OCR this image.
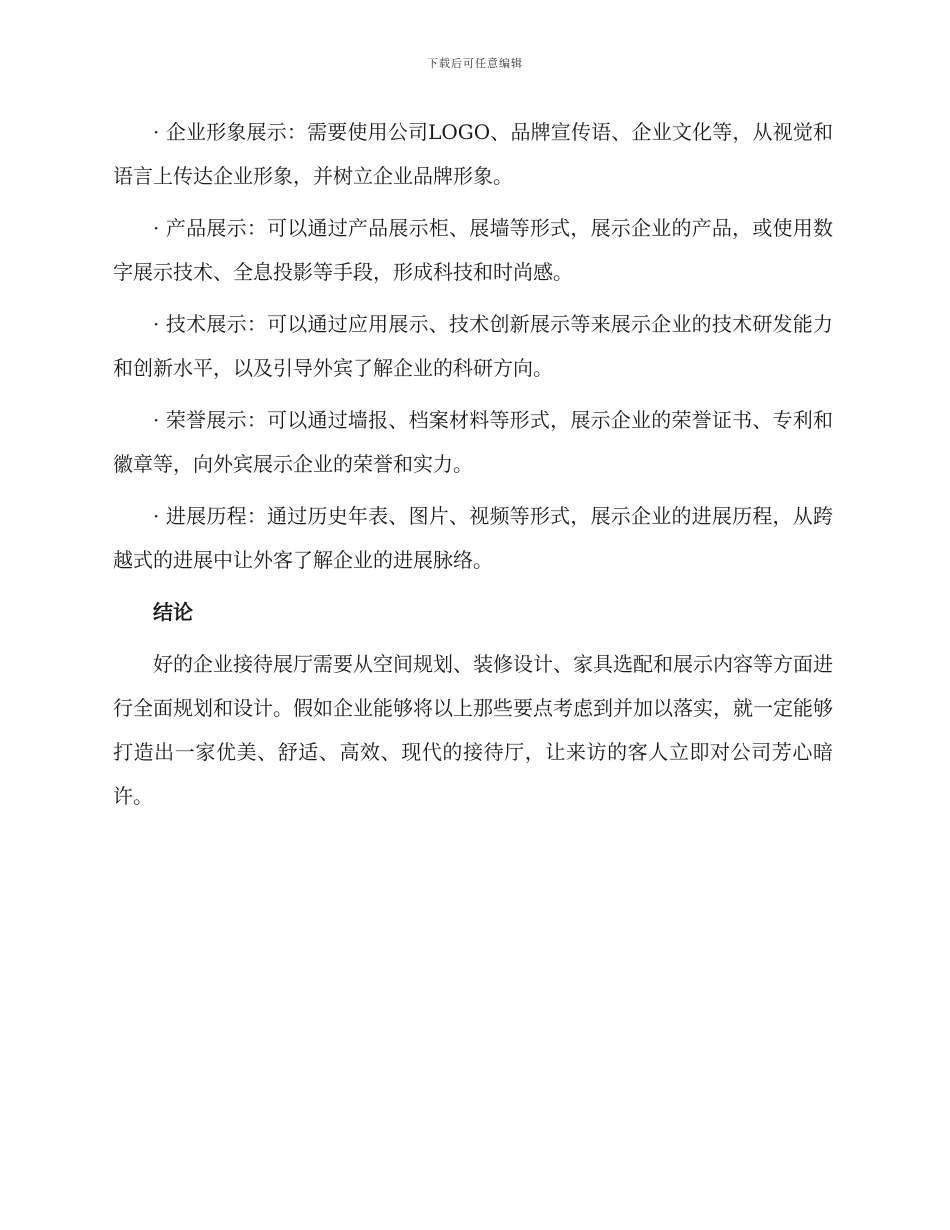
下载后可任意编辑

· 企业形象展示：需要使用公司LOGO、品牌宣传语、企业文化等，从视觉和语言上传达企业形象，并树立企业品牌形象。

· 产品展示：可以通过产品展示柜、展墙等形式，展示企业的产品，或使用数字展示技术、全息投影等手段，形成科技和时尚感。

· 技术展示：可以通过应用展示、技术创新展示等来展示企业的技术研发能力和创新水平，以及引导外宾了解企业的科研方向。

· 荣誉展示：可以通过墙报、档案材料等形式，展示企业的荣誉证书、专利和徽章等，向外宾展示企业的荣誉和实力。

· 进展历程：通过历史年表、图片、视频等形式，展示企业的进展历程，从跨越式的进展中让外客了解企业的进展脉络。

结论

好的企业接待展厅需要从空间规划、装修设计、家具选配和展示内容等方面进行全面规划和设计。假如企业能够将以上那些要点考虑到并加以落实，就一定能够打造出一家优美、舒适、高效、现代的接待厅，让来访的客人立即对公司芳心暗许。
